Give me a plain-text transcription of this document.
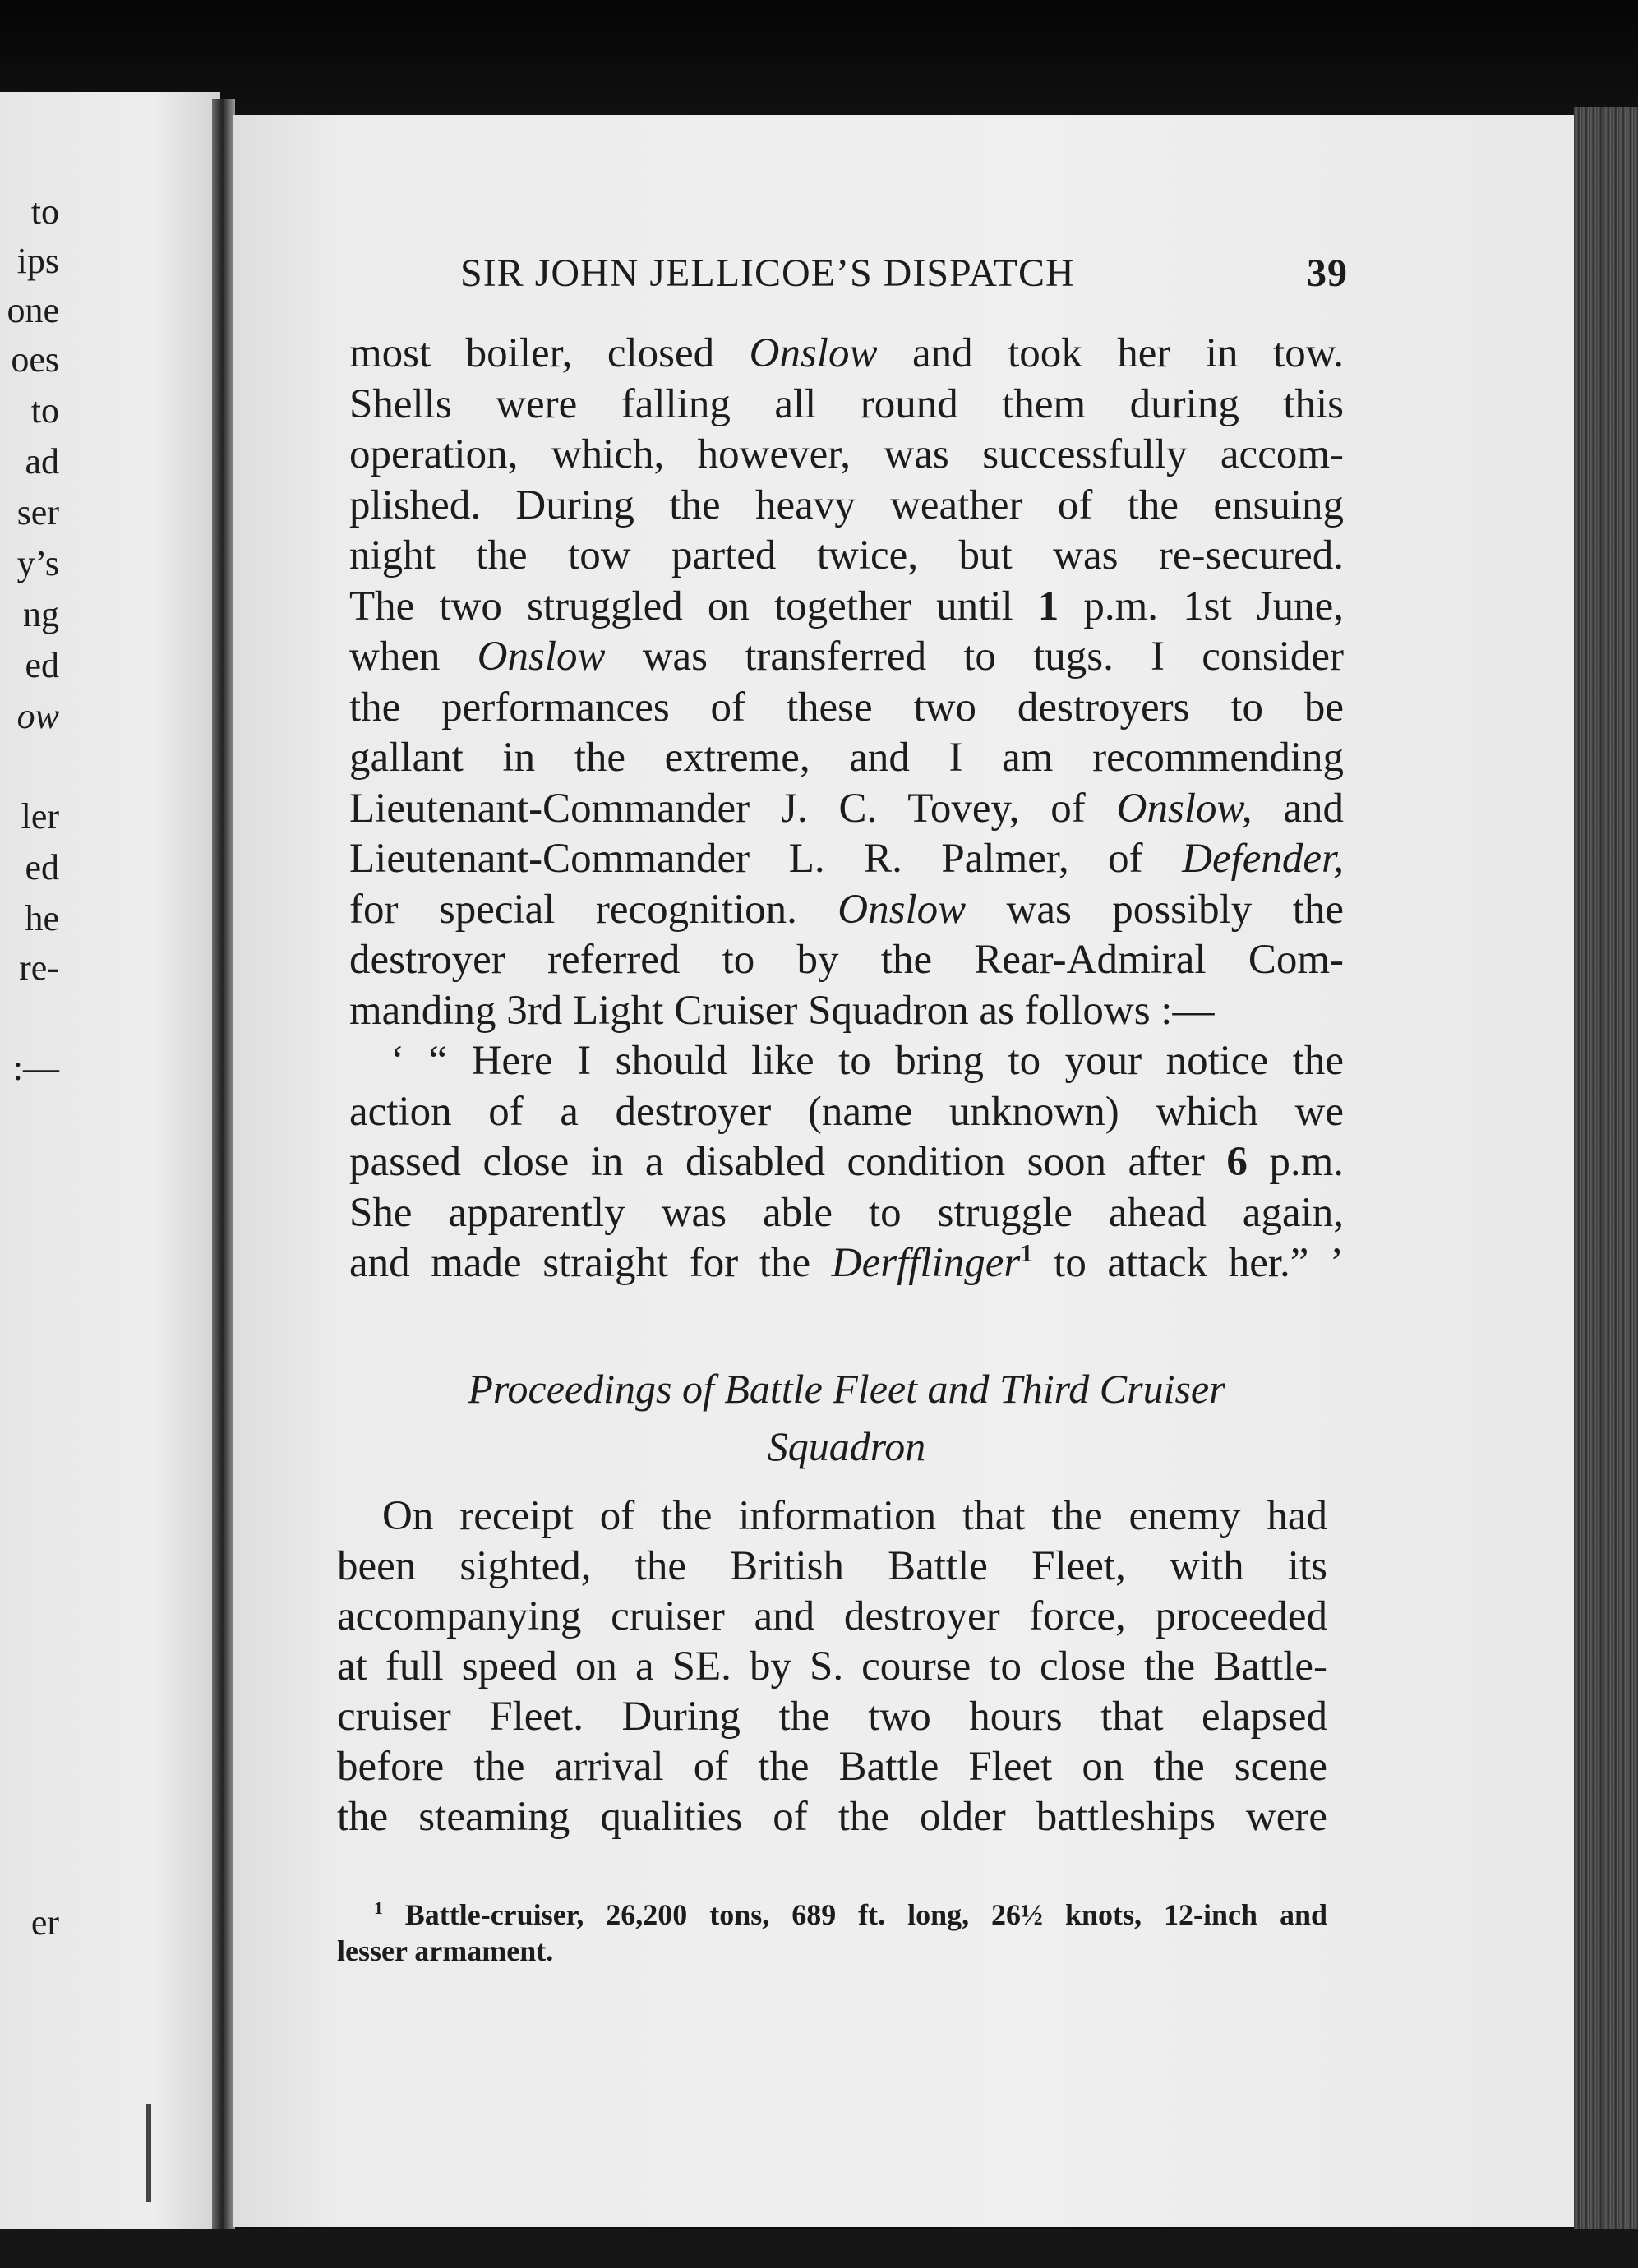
to
ips
one
oes
to
ad
ser
y’s
ng
ed
ow
ler
ed
he
re-
:—
er
SIR JOHN JELLICOE’S DISPATCH	39
most boiler, closed Onslow and took her in tow.
Shells were falling all round them during this
operation, which, however, was successfully accom-
plished. During the heavy weather of the ensuing
night the tow parted twice, but was re-secured.
The two struggled on together until 1 p.m. 1st June,
when Onslow was transferred to tugs. I consider
the performances of these two destroyers to be
gallant in the extreme, and I am recommending
Lieutenant-Commander J. C. Tovey, of Onslow, and
Lieutenant-Commander L. R. Palmer, of Defender,
for special recognition. Onslow was possibly the
destroyer referred to by the Rear-Admiral Com-
manding 3rd Light Cruiser Squadron as follows :—
‘ “ Here I should like to bring to your notice the
action of a destroyer (name unknown) which we
passed close in a disabled condition soon after 6 p.m.
She apparently was able to struggle ahead again,
and made straight for the Derfflinger$^1$ to attack her.” ’
Proceedings of Battle Fleet and Third Cruiser
Squadron
On receipt of the information that the enemy had
been sighted, the British Battle Fleet, with its
accompanying cruiser and destroyer force, proceeded
at full speed on a SE. by S. course to close the Battle-
cruiser Fleet. During the two hours that elapsed
before the arrival of the Battle Fleet on the scene
the steaming qualities of the older battleships were
$^1$ Battle-cruiser, 26,200 tons, 689 ft. long, 26½ knots, 12-inch and
lesser armament.
